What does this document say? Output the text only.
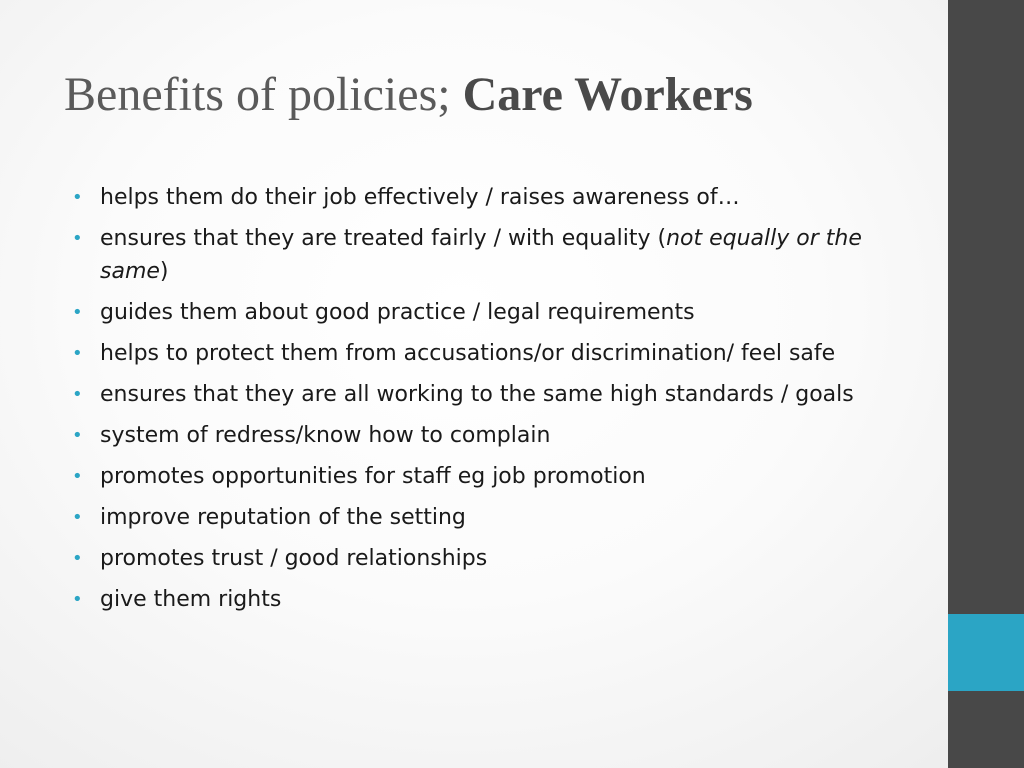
Benefits of policies; Care Workers
• helps them do their job effectively / raises awareness of…
• ensures that they are treated fairly / with equality (not equally or the same)
• guides them about good practice / legal requirements
• helps to protect them from accusations/or discrimination/ feel safe
• ensures that they are all working to the same high standards / goals
• system of redress/know how to complain
• promotes opportunities for staff eg job promotion
• improve reputation of the setting
• promotes trust / good relationships
• give them rights
